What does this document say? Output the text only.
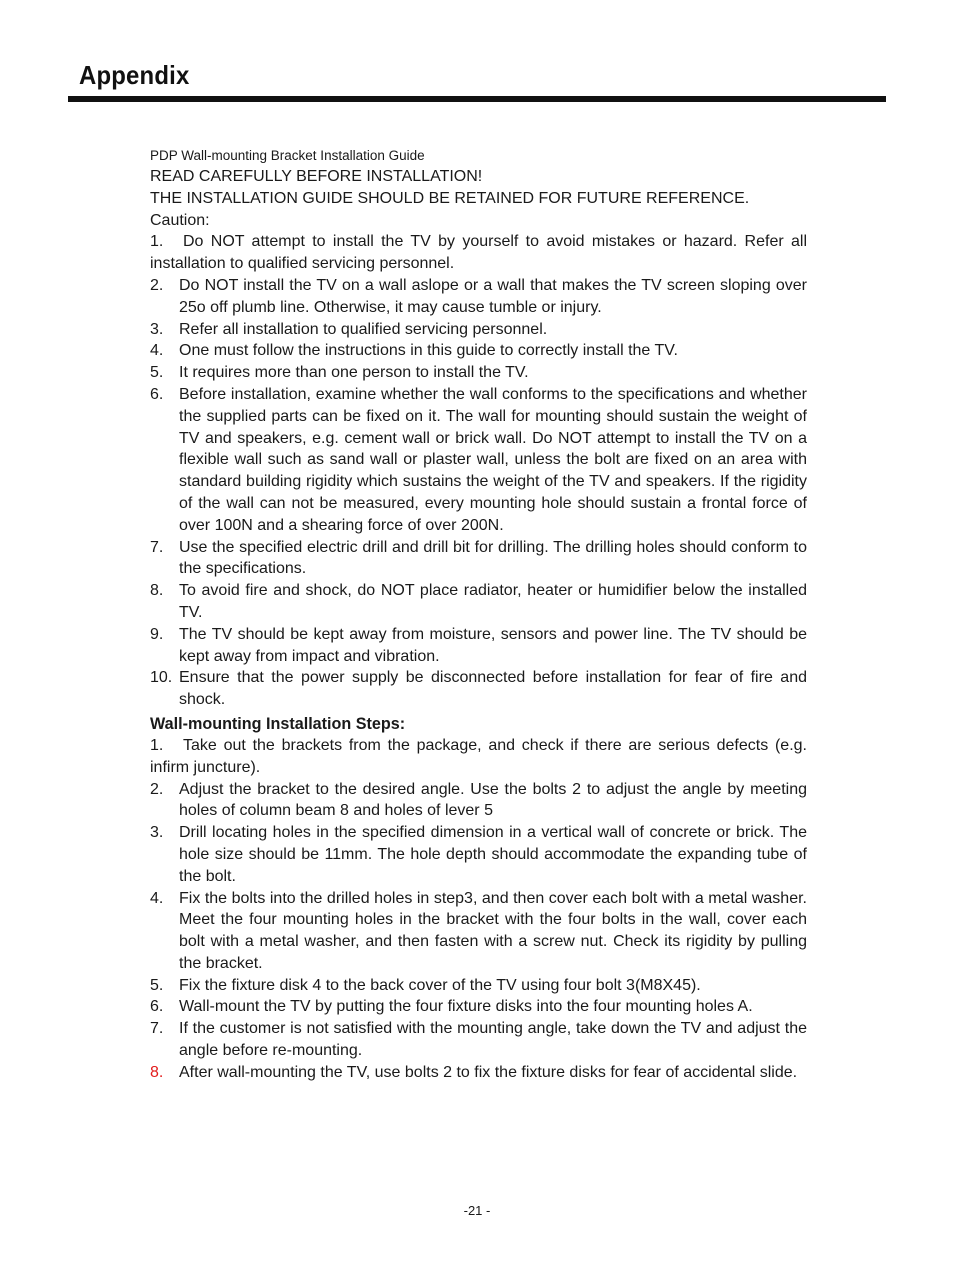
Appendix

PDP Wall-mounting Bracket Installation Guide

READ CAREFULLY BEFORE INSTALLATION!

THE INSTALLATION GUIDE SHOULD BE RETAINED FOR FUTURE REFERENCE.

Caution:

1. Do NOT attempt to install the TV by yourself to avoid mistakes or hazard. Refer all installation to qualified servicing personnel.
2. Do NOT install the TV on a wall aslope or a wall that makes the TV screen sloping over 25o off plumb line. Otherwise, it may cause tumble or injury.
3. Refer all installation to qualified servicing personnel.
4. One must follow the instructions in this guide to correctly install the TV.
5. It requires more than one person to install the TV.
6. Before installation, examine whether the wall conforms to the specifications and whether the supplied parts can be fixed on it. The wall for mounting should sustain the weight of TV and speakers, e.g. cement wall or brick wall. Do NOT attempt to install the TV on a flexible wall such as sand wall or plaster wall, unless the bolt are fixed on an area with standard building rigidity which sustains the weight of the TV and speakers. If the rigidity of the wall can not be measured, every mounting hole should sustain a frontal force of over 100N and a shearing force of over 200N.
7. Use the specified electric drill and drill bit for drilling. The drilling holes should conform to the specifications.
8. To avoid fire and shock, do NOT place radiator, heater or humidifier below the installed TV.
9. The TV should be kept away from moisture, sensors and power line. The TV should be kept away from impact and vibration.
10. Ensure that the power supply be disconnected before installation for fear of fire and shock.
Wall-mounting Installation Steps:
1. Take out the brackets from the package, and check if there are serious defects (e.g. infirm juncture).
2. Adjust the bracket to the desired angle. Use the bolts 2 to adjust the angle by meeting holes of column beam 8 and holes of lever 5
3. Drill locating holes in the specified dimension in a vertical wall of concrete or brick. The hole size should be 11mm. The hole depth should accommodate the expanding tube of the bolt.
4. Fix the bolts into the drilled holes in step3, and then cover each bolt with a metal washer. Meet the four mounting holes in the bracket with the four bolts in the wall, cover each bolt with a metal washer, and then fasten with a screw nut. Check its rigidity by pulling the bracket.
5. Fix the fixture disk 4 to the back cover of the TV using four bolt 3(M8X45).
6. Wall-mount the TV by putting the four fixture disks into the four mounting holes A.
7. If the customer is not satisfied with the mounting angle, take down the TV and adjust the angle before re-mounting.
8. After wall-mounting the TV, use bolts 2 to fix the fixture disks for fear of accidental slide.
-21 -
